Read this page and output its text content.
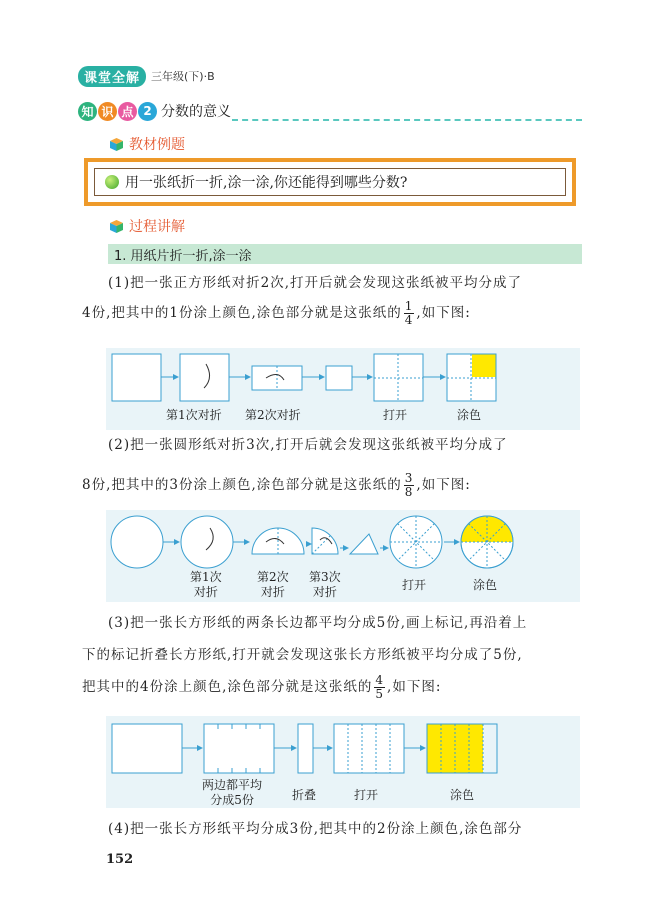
课堂全解	三年级(下)·B
知 识 点 2 分数的意义
教材例题
用一张纸折一折,涂一涂,你还能得到哪些分数?
过程讲解
1. 用纸片折一折,涂一涂
(1)把一张正方形纸对折2次,打开后就会发现这张纸被平均分成了
4份,把其中的1份涂上颜色,涂色部分就是这张纸的 $\frac{1}{4}$ ,如下图:
第1次对折 第2次对折	打开	涂色
(2)把一张圆形纸对折3次,打开后就会发现这张纸被平均分成了
8份,把其中的3份涂上颜色,涂色部分就是这张纸的 $\frac{3}{8}$ ,如下图:
第1次
对折
第2次
对折
第3次
对折	打开	涂色
(3)把一张长方形纸的两条长边都平均分成5份,画上标记,再沿着上
下的标记折叠长方形纸,打开就会发现这张长方形纸被平均分成了5份,
把其中的4份涂上颜色,涂色部分就是这张纸的 $\frac{4}{5}$ ,如下图:
两边都平均
分成5份	折叠	打开	涂色
(4)把一张长方形纸平均分成3份,把其中的2份涂上颜色,涂色部分
152
